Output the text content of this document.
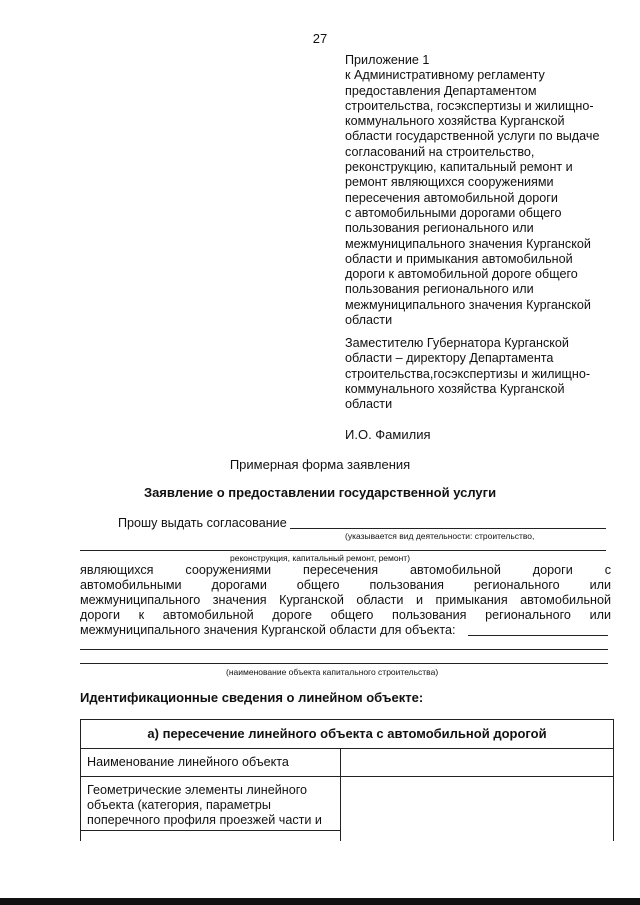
27
Приложение 1
к Административному регламенту
предоставления Департаментом
строительства, госэкспертизы и жилищно-
коммунального хозяйства Курганской
области государственной услуги по выдаче
согласований на строительство,
реконструкцию, капитальный ремонт и
ремонт являющихся сооружениями
пересечения автомобильной дороги
с автомобильными дорогами общего
пользования регионального или
межмуниципального значения Курганской
области и примыкания автомобильной
дороги к автомобильной дороге общего
пользования регионального или
межмуниципального значения Курганской
области
Заместителю Губернатора Курганской
области – директору Департамента
строительства,госэкспертизы и жилищно-
коммунального хозяйства Курганской
области
И.О. Фамилия
Примерная форма заявления
Заявление о предоставлении государственной услуги
Прошу выдать согласование
(указывается вид деятельности: строительство,
реконструкция, капитальный ремонт, ремонт)
являющихся сооружениями пересечения автомобильной дороги с
автомобильными дорогами общего пользования регионального или
межмуниципального значения Курганской области и примыкания автомобильной
дороги к автомобильной дороге общего пользования регионального или
межмуниципального значения Курганской области для объекта:
(наименование объекта капитального строительства)
Идентификационные сведения о линейном объекте:
а) пересечение линейного объекта с автомобильной дорогой
Наименование линейного объекта
Геометрические элементы линейного объекта (категория, параметры поперечного профиля проезжей части и
